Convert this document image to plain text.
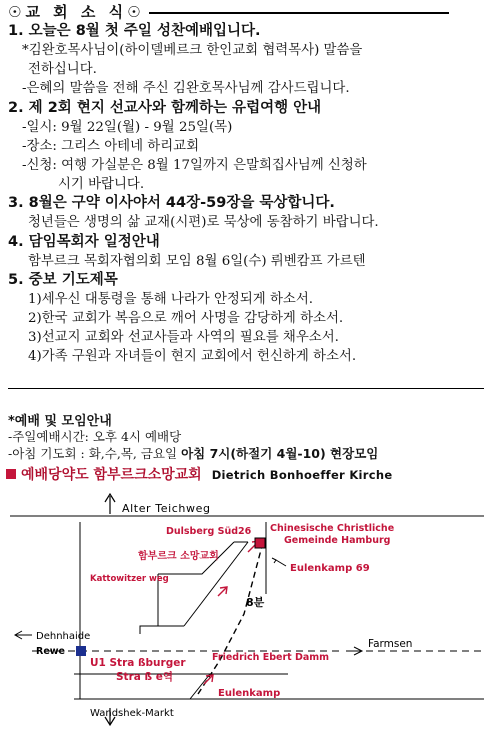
☉교 회 소 식☉
1. 오늘은 8월 첫 주일 성찬예배입니다.
*김완호목사님이(하이델베르크 한인교회 협력목사) 말씀을
전하십니다.
-은혜의 말씀을 전해 주신 김완호목사님께 감사드립니다.
2. 제 2회 현지 선교사와 함께하는 유럽여행 안내
-일시: 9월 22일(월) - 9월 25일(목)
-장소: 그리스 아테네 하리교회
-신청: 여행 가실분은 8월 17일까지 은말희집사님께 신청하
시기 바랍니다.
3. 8월은 구약 이사야서 44장-59장을 묵상합니다.
청년들은 생명의 삶 교재(시편)로 묵상에 동참하기 바랍니다.
4. 담임목회자 일정안내
함부르크 목회자협의회 모임 8월 6일(수) 뤼벤캄프 가르텐
5. 중보 기도제목
1)세우신 대통령을 통해 나라가 안정되게 하소서.
2)한국 교회가 복음으로 깨어 사명을 감당하게 하소서.
3)선교지 교회와 선교사들과 사역의 필요를 채우소서.
4)가족 구원과 자녀들이 현지 교회에서 헌신하게 하소서.
*예배 및 모임안내
-주일예배시간: 오후 4시 예배당
-아침 기도회 : 화,수,목, 금요일 아침 7시(하절기 4월-10) 현장모임
예배당약도 함부르크소망교회 Dietrich Bonhoeffer Kirche
Alter Teichweg
Dulsberg Süd26 Chinesische Christliche
Gemeinde Hamburg
함부르크 소망교회
Kattowitzer weg
Eulenkamp 69
8분
Dehnhaide
Rewe
U1 Stra ßburger
Stra ß e역
Friedrich Ebert Damm
Farmsen
Eulenkamp
Wandshek-Markt
